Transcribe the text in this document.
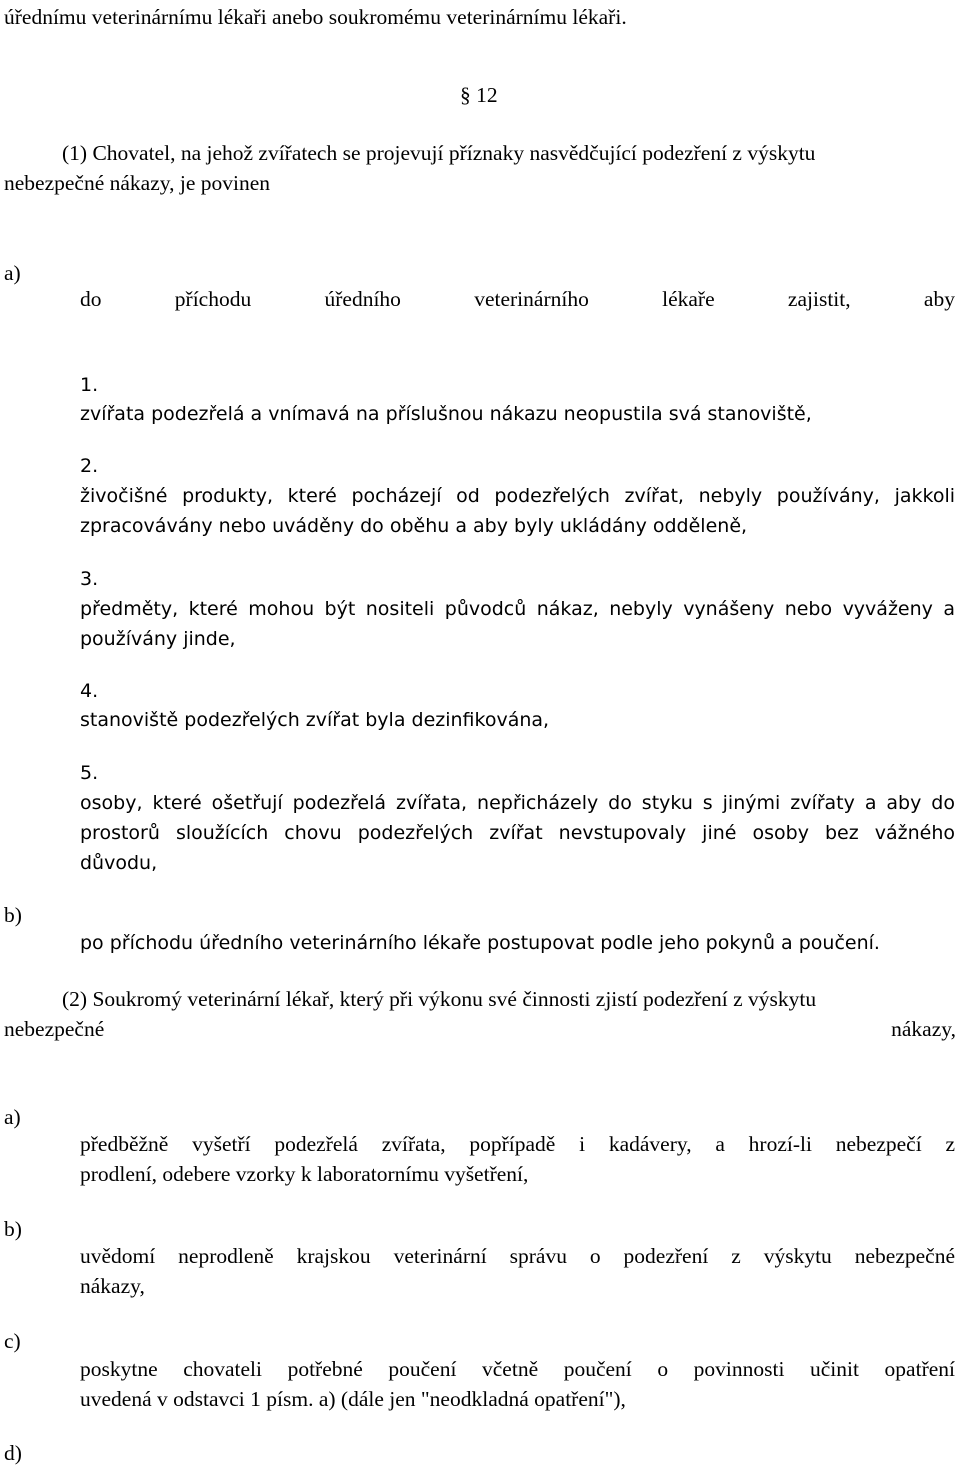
úřednímu veterinárnímu lékaři anebo soukromému veterinárnímu lékaři.
§ 12
(1) Chovatel, na jehož zvířatech se projevují příznaky nasvědčující podezření z výskytu
nebezpečné nákazy, je povinen
a)
do	příchodu	úředního	veterinárního	lékaře	zajistit,	aby
1.
zvířata podezřelá a vnímavá na příslušnou nákazu neopustila svá stanoviště,
2.
živočišné produkty, které pocházejí od podezřelých zvířat, nebyly používány, jakkoli
zpracovávány nebo uváděny do oběhu a aby byly ukládány odděleně,
3.
předměty, které mohou být nositeli původců nákaz, nebyly vynášeny nebo vyváženy a
používány jinde,
4.
stanoviště podezřelých zvířat byla dezinfikována,
5.
osoby, které ošetřují podezřelá zvířata, nepřicházely do styku s jinými zvířaty a aby do
prostorů sloužících chovu podezřelých zvířat nevstupovaly jiné osoby bez vážného
důvodu,
po příchodu úředního veterinárního lékaře postupovat podle jeho pokynů a poučení.
b)
(2) Soukromý veterinární lékař, který při výkonu své činnosti zjistí podezření z výskytu
nebezpečné	nákazy,
a)
předběžně vyšetří podezřelá zvířata, popřípadě i kadávery, a hrozí-li nebezpečí z
prodlení, odebere vzorky k laboratornímu vyšetření,
b)
uvědomí neprodleně krajskou veterinární správu o podezření z výskytu nebezpečné
nákazy,
c)
poskytne chovateli potřebné poučení včetně poučení o povinnosti učinit opatření
uvedená v odstavci 1 písm. a) (dále jen "neodkladná opatření"),
d)
